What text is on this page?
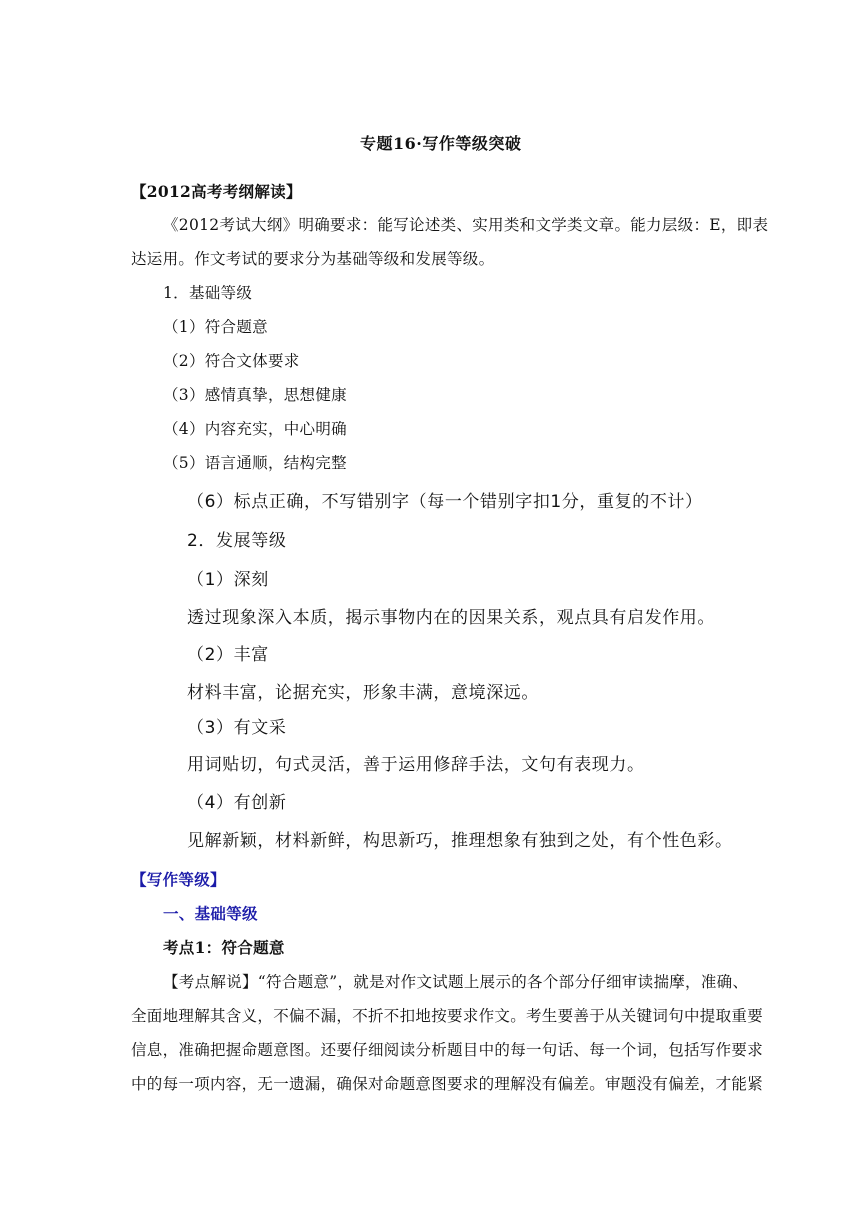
专题16·写作等级突破
【2012高考考纲解读】
《2012考试大纲》明确要求：能写论述类、实用类和文学类文章。能力层级：E，即表
达运用。作文考试的要求分为基础等级和发展等级。
1．基础等级
（1）符合题意
（2）符合文体要求
（3）感情真挚，思想健康
（4）内容充实，中心明确
（5）语言通顺，结构完整
（6）标点正确，不写错别字（每一个错别字扣1分，重复的不计）
2．发展等级
（1）深刻
透过现象深入本质，揭示事物内在的因果关系，观点具有启发作用。
（2）丰富
材料丰富，论据充实，形象丰满，意境深远。
（3）有文采
用词贴切，句式灵活，善于运用修辞手法，文句有表现力。
（4）有创新
见解新颖，材料新鲜，构思新巧，推理想象有独到之处，有个性色彩。
【写作等级】
一、基础等级
考点1：符合题意
【考点解说】“符合题意”，就是对作文试题上展示的各个部分仔细审读揣摩，准确、
全面地理解其含义，不偏不漏，不折不扣地按要求作文。考生要善于从关键词句中提取重要
信息，准确把握命题意图。还要仔细阅读分析题目中的每一句话、每一个词，包括写作要求
中的每一项内容，无一遗漏，确保对命题意图要求的理解没有偏差。审题没有偏差，才能紧
